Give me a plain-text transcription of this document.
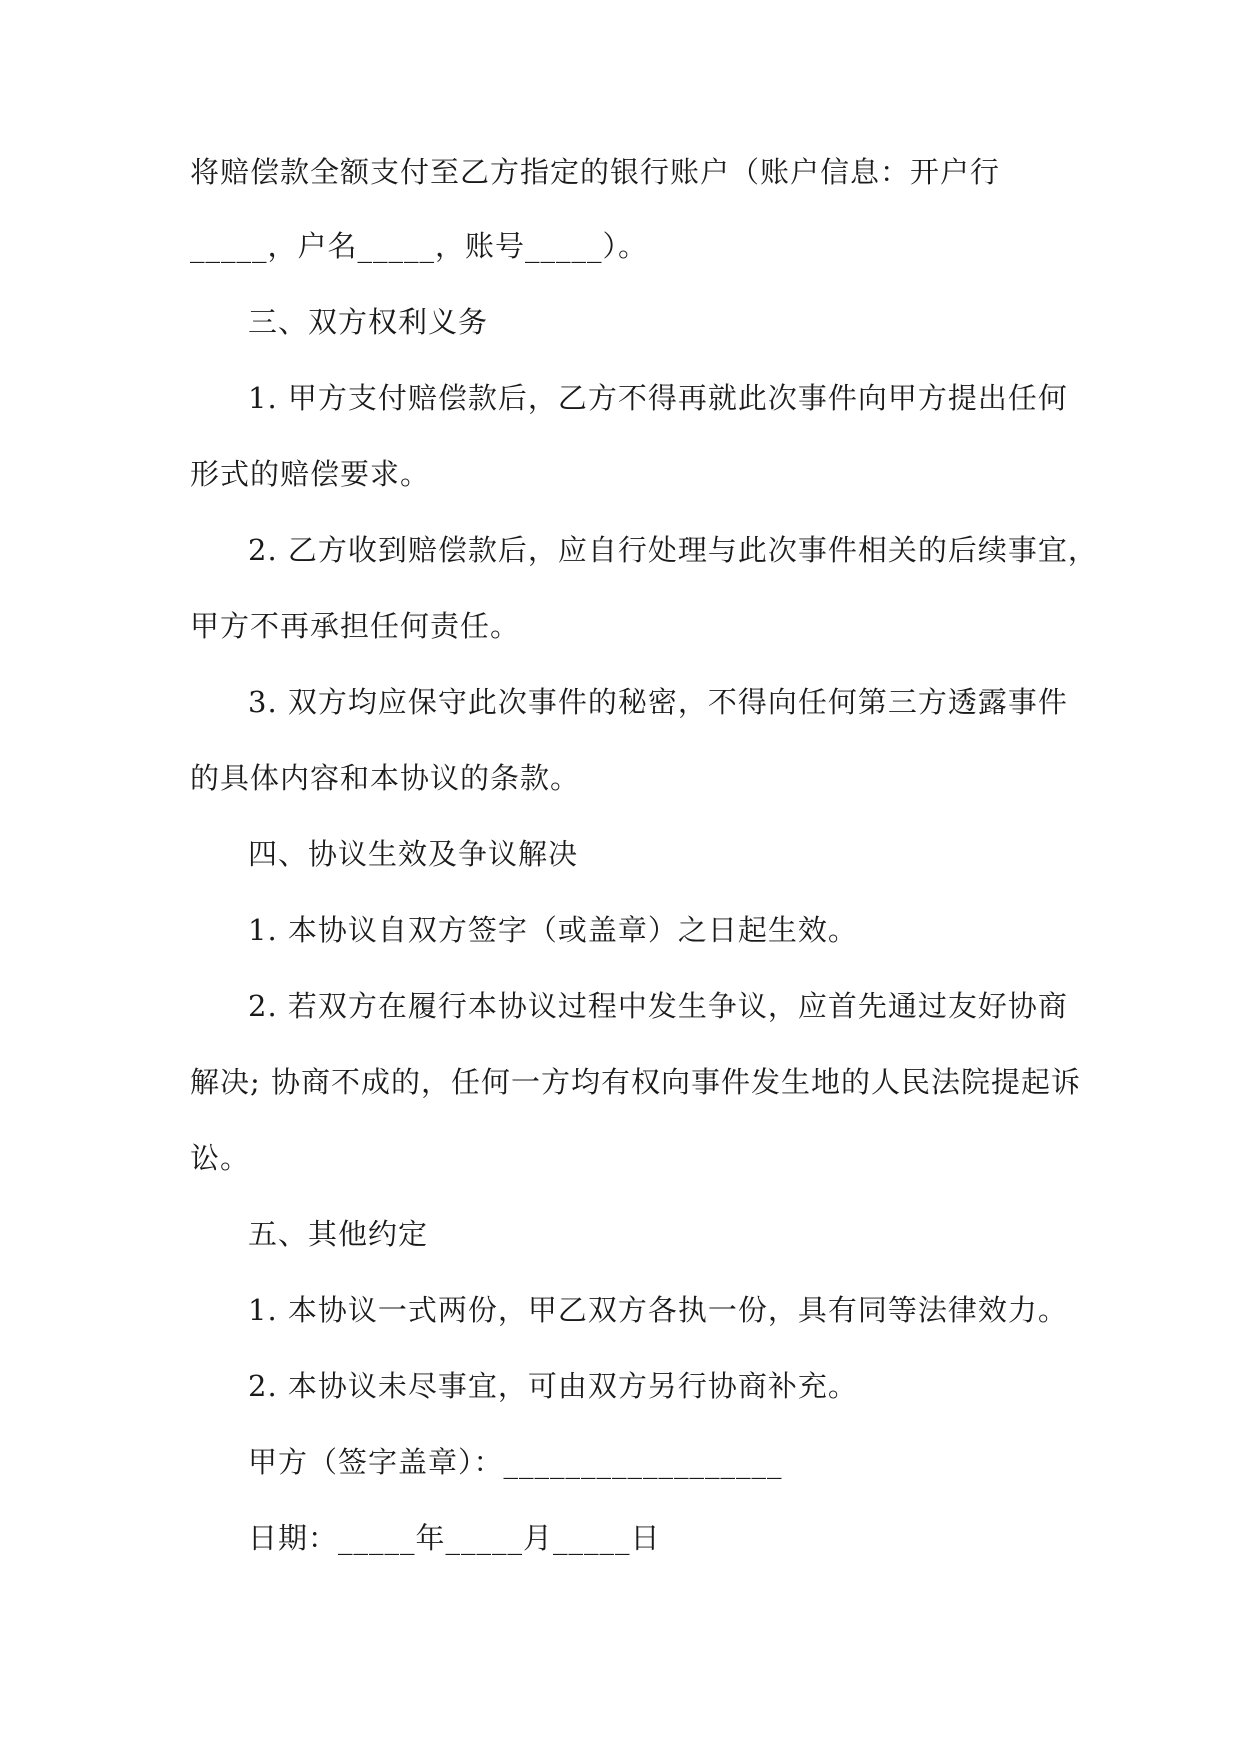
将赔偿款全额支付至乙方指定的银行账户（账户信息：开户行
_____，户名_____，账号_____）。
三、双方权利义务
1. 甲方支付赔偿款后，乙方不得再就此次事件向甲方提出任何
形式的赔偿要求。
2. 乙方收到赔偿款后，应自行处理与此次事件相关的后续事宜，
甲方不再承担任何责任。
3. 双方均应保守此次事件的秘密，不得向任何第三方透露事件
的具体内容和本协议的条款。
四、协议生效及争议解决
1. 本协议自双方签字（或盖章）之日起生效。
2. 若双方在履行本协议过程中发生争议，应首先通过友好协商
解决; 协商不成的，任何一方均有权向事件发生地的人民法院提起诉
讼。
五、其他约定
1. 本协议一式两份，甲乙双方各执一份，具有同等法律效力。
2. 本协议未尽事宜，可由双方另行协商补充。
甲方（签字盖章）：__________________
日期：_____年_____月_____日
